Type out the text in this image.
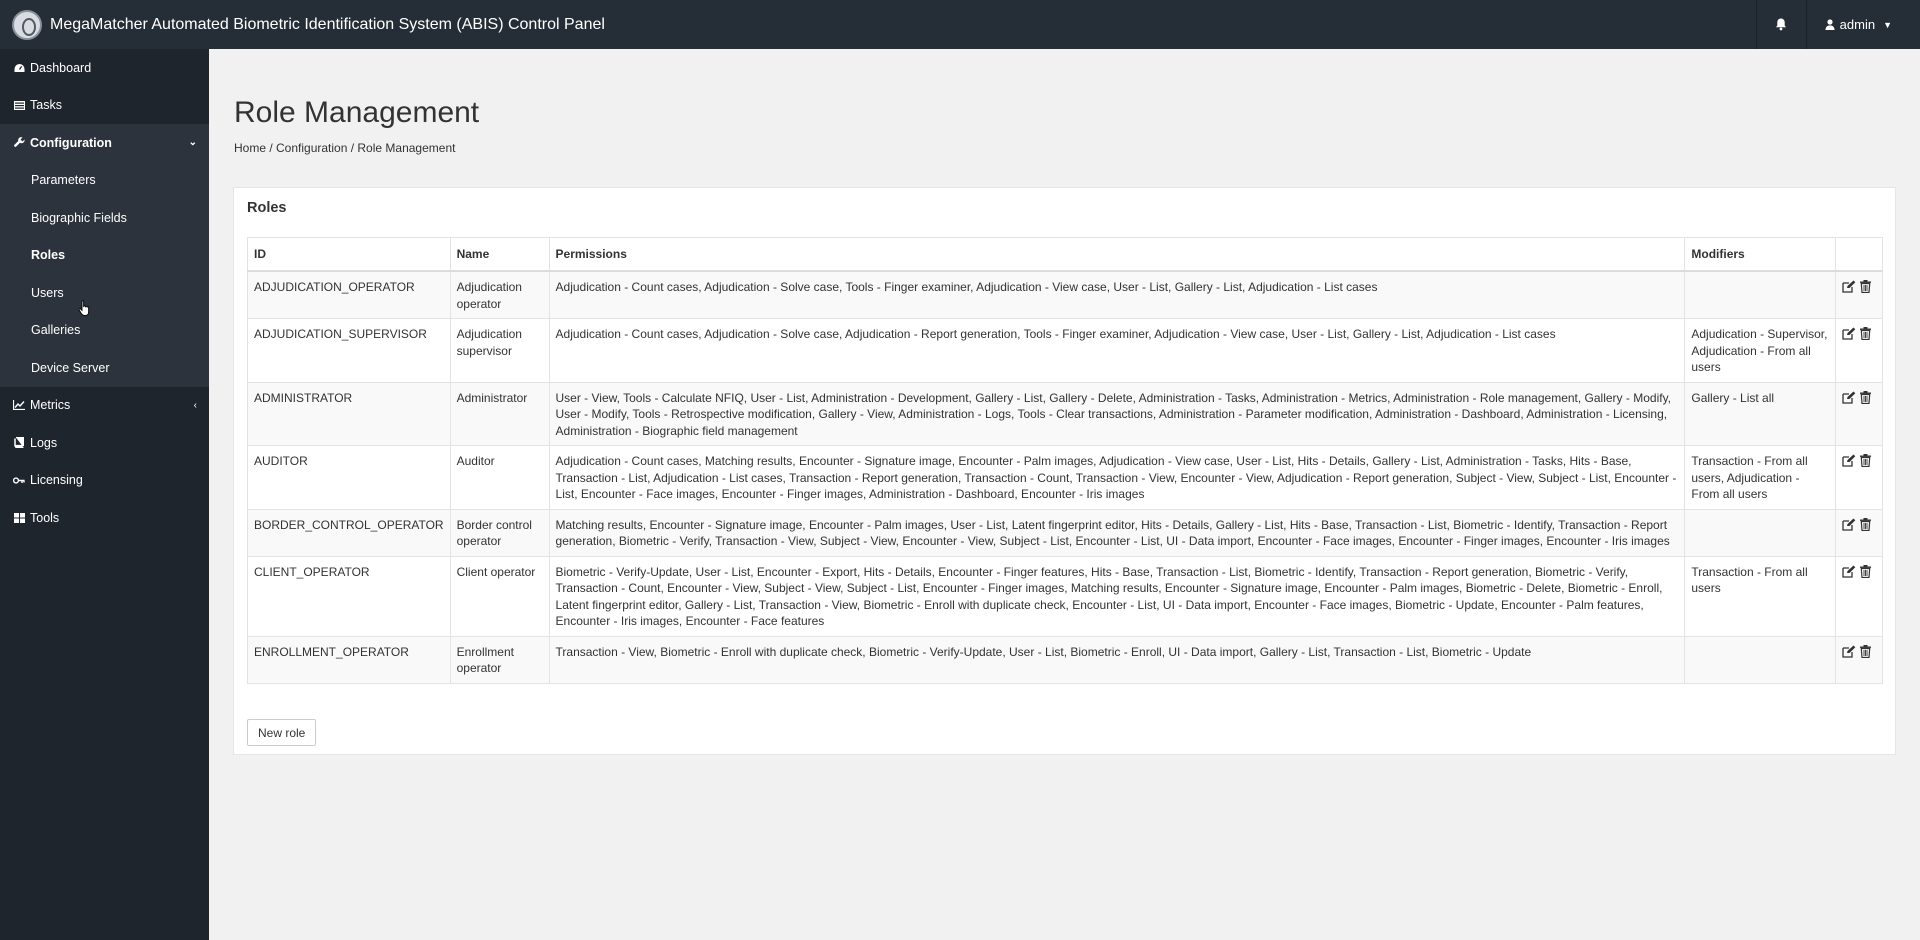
MegaMatcher Automated Biometric Identification System (ABIS) Control Panel	admin ▼
Dashboard
Tasks
Configuration	⌄
Parameters
Biographic Fields
Roles
Users
Galleries
Device Server
Metrics	‹
Logs
Licensing
Tools
Role Management
Home / Configuration / Role Management
Roles
ID	Name	Permissions	Modifiers	
ADJUDICATION_OPERATOR	Adjudication operator	Adjudication - Count cases, Adjudication - Solve case, Tools - Finger examiner, Adjudication - View case, User - List, Gallery - List, Adjudication - List cases		

ADJUDICATION_SUPERVISOR	Adjudication supervisor	Adjudication - Count cases, Adjudication - Solve case, Adjudication - Report generation, Tools - Finger examiner, Adjudication - View case, User - List, Gallery - List, Adjudication - List cases	Adjudication - Supervisor, Adjudication - From all users	

ADMINISTRATOR	Administrator	User - View, Tools - Calculate NFIQ, User - List, Administration - Development, Gallery - List, Gallery - Delete, Administration - Tasks, Administration - Metrics, Administration - Role management, Gallery - Modify, User - Modify, Tools - Retrospective modification, Gallery - View, Administration - Logs, Tools - Clear transactions, Administration - Parameter modification, Administration - Dashboard, Administration - Licensing, Administration - Biographic field management	Gallery - List all	

AUDITOR	Auditor	Adjudication - Count cases, Matching results, Encounter - Signature image, Encounter - Palm images, Adjudication - View case, User - List, Hits - Details, Gallery - List, Administration - Tasks, Hits - Base, Transaction - List, Adjudication - List cases, Transaction - Report generation, Transaction - Count, Transaction - View, Encounter - View, Adjudication - Report generation, Subject - View, Subject - List, Encounter - List, Encounter - Face images, Encounter - Finger images, Administration - Dashboard, Encounter - Iris images	Transaction - From all users, Adjudication - From all users	

BORDER_CONTROL_OPERATOR	Border control operator	Matching results, Encounter - Signature image, Encounter - Palm images, User - List, Latent fingerprint editor, Hits - Details, Gallery - List, Hits - Base, Transaction - List, Biometric - Identify, Transaction - Report generation, Biometric - Verify, Transaction - View, Subject - View, Encounter - View, Subject - List, Encounter - List, UI - Data import, Encounter - Face images, Encounter - Finger images, Encounter - Iris images		

CLIENT_OPERATOR	Client operator	Biometric - Verify-Update, User - List, Encounter - Export, Hits - Details, Encounter - Finger features, Hits - Base, Transaction - List, Biometric - Identify, Transaction - Report generation, Biometric - Verify, Transaction - Count, Encounter - View, Subject - View, Subject - List, Encounter - Finger images, Matching results, Encounter - Signature image, Encounter - Palm images, Biometric - Delete, Biometric - Enroll, Latent fingerprint editor, Gallery - List, Transaction - View, Biometric - Enroll with duplicate check, Encounter - List, UI - Data import, Encounter - Face images, Biometric - Update, Encounter - Palm features, Encounter - Iris images, Encounter - Face features	Transaction - From all users	

ENROLLMENT_OPERATOR	Enrollment operator	Transaction - View, Biometric - Enroll with duplicate check, Biometric - Verify-Update, User - List, Biometric - Enroll, UI - Data import, Gallery - List, Transaction - List, Biometric - Update		
New role
